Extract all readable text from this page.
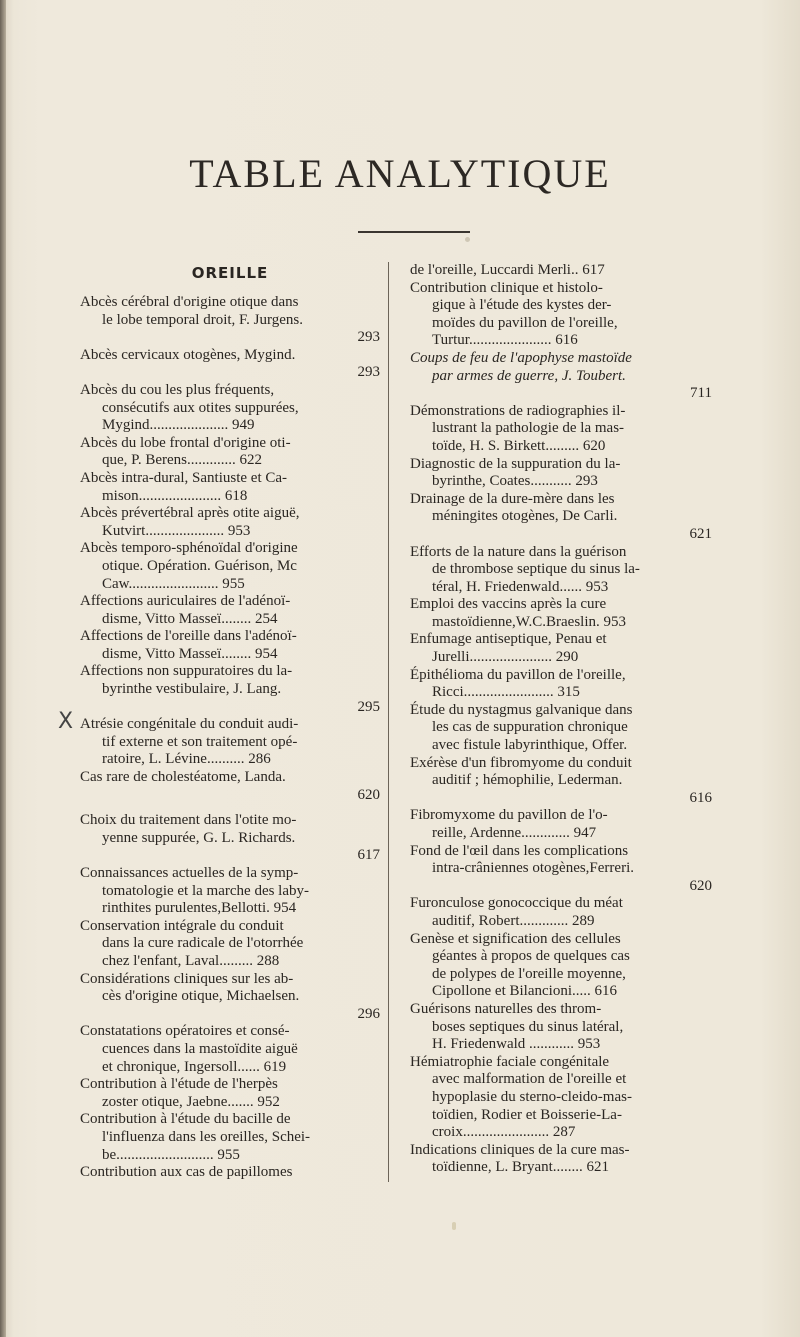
TABLE ANALYTIQUE
X
OREILLE
Abcès cérébral d'origine otique dans
le lobe temporal droit, F. Jurgens.
293
Abcès cervicaux otogènes, Mygind.
293
Abcès du cou les plus fréquents,
consécutifs aux otites suppurées,
Mygind..................... 949
Abcès du lobe frontal d'origine oti-
que, P. Berens............. 622
Abcès intra-dural, Santiuste et Ca-
mison...................... 618
Abcès prévertébral après otite aiguë,
Kutvirt..................... 953
Abcès temporo-sphénoïdal d'origine
otique. Opération. Guérison, Mc
Caw........................ 955
Affections auriculaires de l'adénoï-
disme, Vitto Masseï........ 254
Affections de l'oreille dans l'adénoï-
disme, Vitto Masseï........ 954
Affections non suppuratoires du la-
byrinthe vestibulaire, J. Lang.
295
Atrésie congénitale du conduit audi-
tif externe et son traitement opé-
ratoire, L. Lévine.......... 286
Cas rare de cholestéatome, Landa.
620
Choix du traitement dans l'otite mo-
yenne suppurée, G. L. Richards.
617
Connaissances actuelles de la symp-
tomatologie et la marche des laby-
rinthites purulentes,Bellotti. 954
Conservation intégrale du conduit
dans la cure radicale de l'otorrhée
chez l'enfant, Laval......... 288
Considérations cliniques sur les ab-
cès d'origine otique, Michaelsen.
296
Constatations opératoires et consé-
cuences dans la mastoïdite aiguë
et chronique, Ingersoll...... 619
Contribution à l'étude de l'herpès
zoster otique, Jaebne....... 952
Contribution à l'étude du bacille de
l'influenza dans les oreilles, Schei-
be.......................... 955
Contribution aux cas de papillomes
de l'oreille, Luccardi Merli.. 617
Contribution clinique et histolo-
gique à l'étude des kystes der-
moïdes du pavillon de l'oreille,
Turtur...................... 616
Coups de feu de l'apophyse mastoïde
par armes de guerre, J. Toubert.
711
Démonstrations de radiographies il-
lustrant la pathologie de la mas-
toïde, H. S. Birkett......... 620
Diagnostic de la suppuration du la-
byrinthe, Coates........... 293
Drainage de la dure-mère dans les
méningites otogènes, De Carli.
621
Efforts de la nature dans la guérison
de thrombose septique du sinus la-
téral, H. Friedenwald...... 953
Emploi des vaccins après la cure
mastoïdienne,W.C.Braeslin. 953
Enfumage antiseptique, Penau et
Jurelli...................... 290
Épithélioma du pavillon de l'oreille,
Ricci........................ 315
Étude du nystagmus galvanique dans
les cas de suppuration chronique
avec fistule labyrinthique, Offer.
Exérèse d'un fibromyome du conduit
auditif ; hémophilie, Lederman.
616
Fibromyxome du pavillon de l'o-
reille, Ardenne............. 947
Fond de l'œil dans les complications
intra-crâniennes otogènes,Ferreri.
620
Furonculose gonococcique du méat
auditif, Robert............. 289
Genèse et signification des cellules
géantes à propos de quelques cas
de polypes de l'oreille moyenne,
Cipollone et Bilancioni..... 616
Guérisons naturelles des throm-
boses septiques du sinus latéral,
H. Friedenwald ............ 953
Hémiatrophie faciale congénitale
avec malformation de l'oreille et
hypoplasie du sterno-cleido-mas-
toïdien, Rodier et Boisserie-La-
croix....................... 287
Indications cliniques de la cure mas-
toïdienne, L. Bryant........ 621
